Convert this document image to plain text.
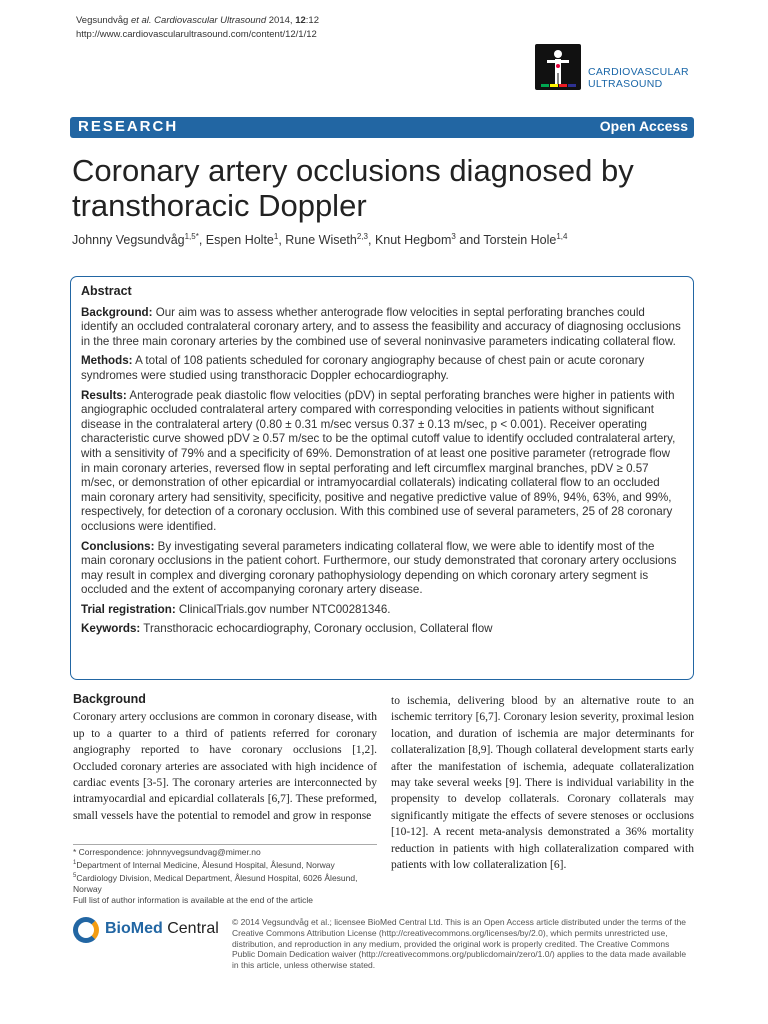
Vegsundvåg et al. Cardiovascular Ultrasound 2014, 12:12
http://www.cardiovascularultrasound.com/content/12/1/12
CARDIOVASCULAR
ULTRASOUND
RESEARCH	Open Access
Coronary artery occlusions diagnosed by transthoracic Doppler
Johnny Vegsundvåg$^{1,5*}$, Espen Holte$^1$, Rune Wiseth$^{2,3}$, Knut Hegbom$^3$ and Torstein Hole$^{1,4}$
Abstract

Background: Our aim was to assess whether anterograde flow velocities in septal perforating branches could identify an occluded contralateral coronary artery, and to assess the feasibility and accuracy of diagnosing occlusions in the three main coronary arteries by the combined use of several noninvasive parameters indicating collateral flow.

Methods: A total of 108 patients scheduled for coronary angiography because of chest pain or acute coronary syndromes were studied using transthoracic Doppler echocardiography.

Results: Anterograde peak diastolic flow velocities (pDV) in septal perforating branches were higher in patients with angiographic occluded contralateral artery compared with corresponding velocities in patients without significant disease in the contralateral artery (0.80 ± 0.31 m/sec versus 0.37 ± 0.13 m/sec, p < 0.001). Receiver operating characteristic curve showed pDV ≥ 0.57 m/sec to be the optimal cutoff value to identify occluded contralateral artery, with a sensitivity of 79% and a specificity of 69%. Demonstration of at least one positive parameter (retrograde flow in main coronary arteries, reversed flow in septal perforating and left circumflex marginal branches, pDV ≥ 0.57 m/sec, or demonstration of other epicardial or intramyocardial collaterals) indicating collateral flow to an occluded main coronary artery had sensitivity, specificity, positive and negative predictive value of 89%, 94%, 63%, and 99%, respectively, for detection of a coronary occlusion. With this combined use of several parameters, 25 of 28 coronary occlusions were identified.

Conclusions: By investigating several parameters indicating collateral flow, we were able to identify most of the main coronary occlusions in the patient cohort. Furthermore, our study demonstrated that coronary artery occlusions may result in complex and diverging coronary pathophysiology depending on which coronary artery segment is occluded and the extent of accompanying coronary artery disease.

Trial registration: ClinicalTrials.gov number NTC00281346.

Keywords: Transthoracic echocardiography, Coronary occlusion, Collateral flow

Background

Coronary artery occlusions are common in coronary disease, with up to a quarter to a third of patients referred for coronary angiography reported to have coronary occlusions [1,2]. Occluded coronary arteries are associated with high incidence of cardiac events [3-5]. The coronary arteries are interconnected by intramyocardial and epicardial collaterals [6,7]. These preformed, small vessels have the potential to remodel and grow in response

to ischemia, delivering blood by an alternative route to an ischemic territory [6,7]. Coronary lesion severity, proximal lesion location, and duration of ischemia are major determinants for collateralization [8,9]. Though collateral development starts early after the manifestation of ischemia, adequate collateralization may take several weeks [9]. There is individual variability in the propensity to develop collaterals. Coronary collaterals may significantly mitigate the effects of severe stenoses or occlusions [10-12]. A recent meta-analysis demonstrated a 36% mortality reduction in patients with high collateralization compared with patients with low collateralization [6].

* Correspondence: johnnyvegsundvag@mimer.no

$^1$Department of Internal Medicine, Ålesund Hospital, Ålesund, Norway

$^5$Cardiology Division, Medical Department, Ålesund Hospital, 6026 Ålesund, Norway

Full list of author information is available at the end of the article

BioMed Central © 2014 Vegsundvåg et al.; licensee BioMed Central Ltd. This is an Open Access article distributed under the terms of the Creative Commons Attribution License (http://creativecommons.org/licenses/by/2.0), which permits unrestricted use, distribution, and reproduction in any medium, provided the original work is properly credited. The Creative Commons Public Domain Dedication waiver (http://creativecommons.org/publicdomain/zero/1.0/) applies to the data made available in this article, unless otherwise stated.
